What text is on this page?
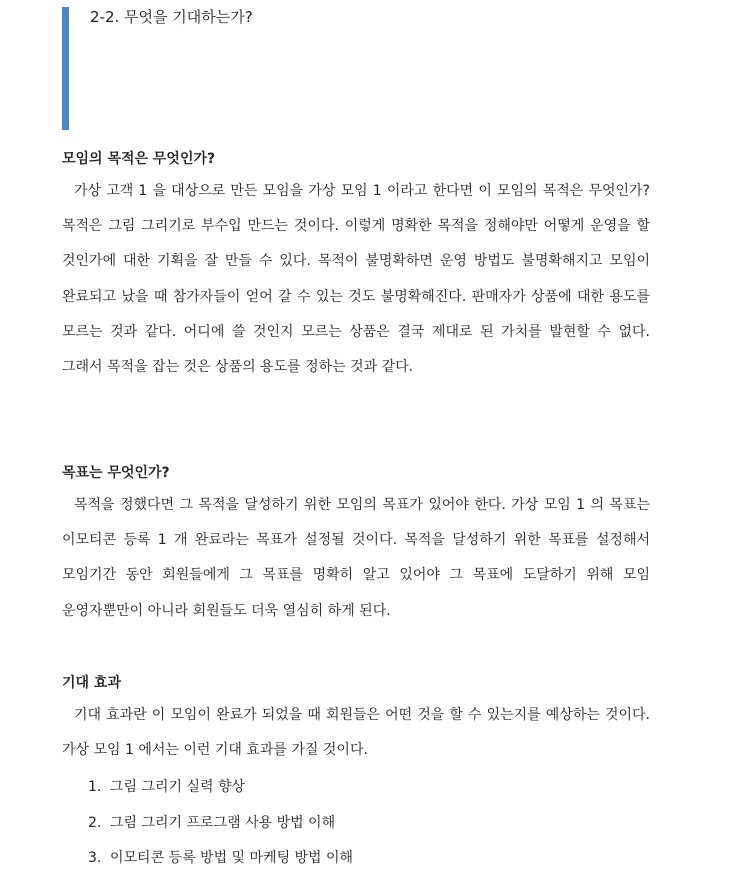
2-2. 무엇을 기대하는가?
모임의 목적은 무엇인가?

가상 고객 1 을 대상으로 만든 모임을 가상 모임 1 이라고 한다면 이 모임의 목적은 무엇인가? 목적은 그림 그리기로 부수입 만드는 것이다. 이렇게 명확한 목적을 정해야만 어떻게 운영을 할 것인가에 대한 기획을 잘 만들 수 있다. 목적이 불명확하면 운영 방법도 불명확해지고 모임이 완료되고 났을 때 참가자들이 얻어 갈 수 있는 것도 불명확해진다. 판매자가 상품에 대한 용도를 모르는 것과 같다. 어디에 쓸 것인지 모르는 상품은 결국 제대로 된 가치를 발현할 수 없다. 그래서 목적을 잡는 것은 상품의 용도를 정하는 것과 같다.

목표는 무엇인가?

목적을 정했다면 그 목적을 달성하기 위한 모임의 목표가 있어야 한다. 가상 모임 1 의 목표는 이모티콘 등록 1 개 완료라는 목표가 설정될 것이다. 목적을 달성하기 위한 목표를 설정해서 모임기간 동안 회원들에게 그 목표를 명확히 알고 있어야 그 목표에 도달하기 위해 모임 운영자뿐만이 아니라 회원들도 더욱 열심히 하게 된다.

기대 효과

기대 효과란 이 모임이 완료가 되었을 때 회원들은 어떤 것을 할 수 있는지를 예상하는 것이다. 가상 모임 1 에서는 이런 기대 효과를 가질 것이다.

1. 그림 그리기 실력 향상
2. 그림 그리기 프로그램 사용 방법 이해
3. 이모티콘 등록 방법 및 마케팅 방법 이해
